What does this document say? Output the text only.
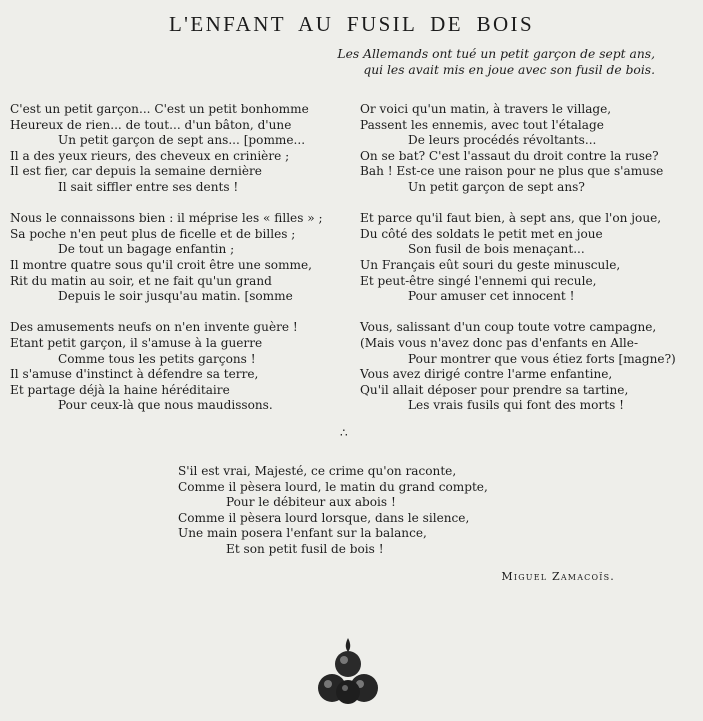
L'ENFANT AU FUSIL DE BOIS
Les Allemands ont tué un petit garçon de sept ans,
qui les avait mis en joue avec son fusil de bois.
C'est un petit garçon... C'est un petit bonhomme
Heureux de rien... de tout... d'un bâton, d'une
Un petit garçon de sept ans... [pomme...
Il a des yeux rieurs, des cheveux en crinière ;
Il est fier, car depuis la semaine dernière
Il sait siffler entre ses dents !
Nous le connaissons bien : il méprise les « filles » ;
Sa poche n'en peut plus de ficelle et de billes ;
De tout un bagage enfantin ;
Il montre quatre sous qu'il croit être une somme,
Rit du matin au soir, et ne fait qu'un grand
Depuis le soir jusqu'au matin. [somme
Des amusements neufs on n'en invente guère !
Etant petit garçon, il s'amuse à la guerre
Comme tous les petits garçons !
Il s'amuse d'instinct à défendre sa terre,
Et partage déjà la haine héréditaire
Pour ceux-là que nous maudissons.
Or voici qu'un matin, à travers le village,
Passent les ennemis, avec tout l'étalage
De leurs procédés révoltants...
On se bat? C'est l'assaut du droit contre la ruse?
Bah ! Est-ce une raison pour ne plus que s'amuse
Un petit garçon de sept ans?
Et parce qu'il faut bien, à sept ans, que l'on joue,
Du côté des soldats le petit met en joue
Son fusil de bois menaçant...
Un Français eût souri du geste minuscule,
Et peut-être singé l'ennemi qui recule,
Pour amuser cet innocent !
Vous, salissant d'un coup toute votre campagne,
(Mais vous n'avez donc pas d'enfants en Alle-
Pour montrer que vous étiez forts [magne?)
Vous avez dirigé contre l'arme enfantine,
Qu'il allait déposer pour prendre sa tartine,
Les vrais fusils qui font des morts !
∴
S'il est vrai, Majesté, ce crime qu'on raconte,
Comme il pèsera lourd, le matin du grand compte,
Pour le débiteur aux abois !
Comme il pèsera lourd lorsque, dans le silence,
Une main posera l'enfant sur la balance,
Et son petit fusil de bois !
Miguel Zamacoïs.
